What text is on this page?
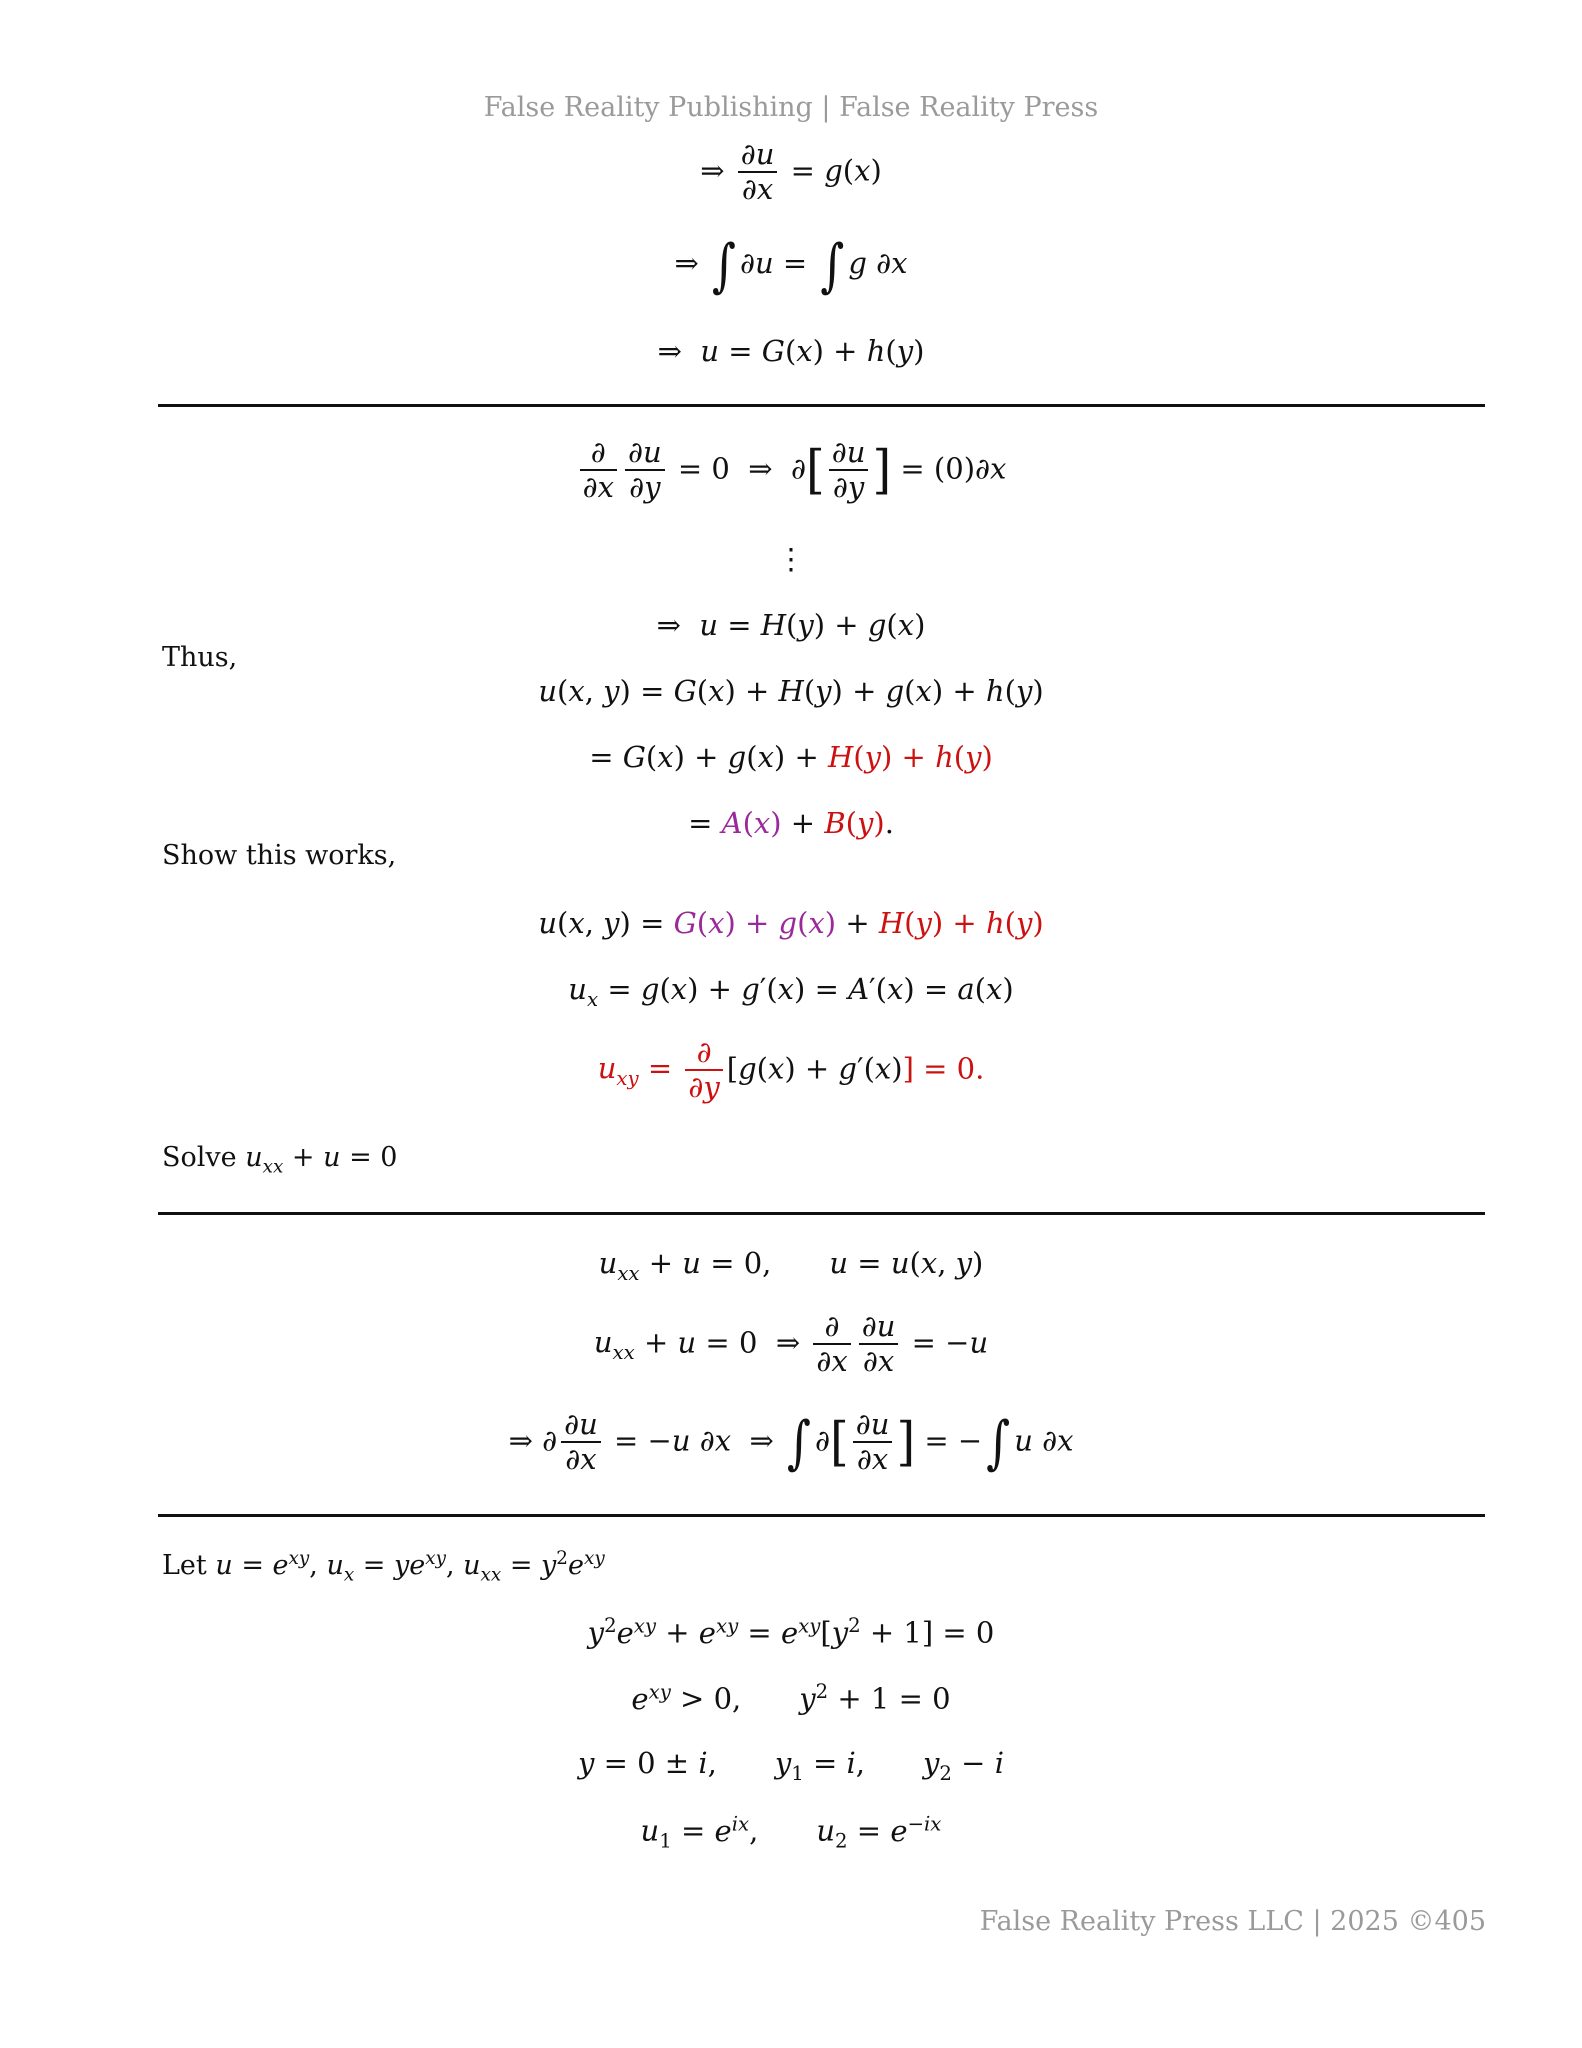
False Reality Publishing | False Reality Press
⇒ $\frac{\partial u}{\partial x} = g(x)$
⇒ ∫ ∂u = ∫ g ∂x
⇒  u = G(x) + h(y)
$\frac{\partial}{\partial x} \frac{\partial u}{\partial y} = 0$  ⇒  ∂[ $\frac{\partial u}{\partial y}$ ] = (0)∂x
⋮
⇒  u = H(y) + g(x)
Thus,
u(x, y) = G(x) + H(y) + g(x) + h(y)
= G(x) + g(x) + H(y) + h(y)
= A(x) + B(y).
Show this works,
u(x, y) = G(x) + g(x) + H(y) + h(y)
$u_x = g(x) + g'(x) = A'(x) = a(x)$
$u_{xy} = \frac{\partial}{\partial y} [g(x) + g'(x)] = 0$.
Solve $u_{xx} + u = 0$
$u_{xx} + u = 0$, u = u(x, y)
$u_{xx} + u = 0$  ⇒ $\frac{\partial}{\partial x} \frac{\partial u}{\partial x} = -u$
⇒ ∂ $\frac{\partial u}{\partial x} = -u$ ∂x  ⇒ ∫ ∂[ $\frac{\partial u}{\partial x}$ ] = −∫ u ∂x
Let $u = e^{xy}$, $u_x = ye^{xy}$, $u_{xx} = y^2e^{xy}$
$y^2e^{xy} + e^{xy} = e^{xy}[y^2 + 1] = 0$
$e^{xy} > 0$, $y^2 + 1 = 0$
y = 0 ± i, $y_1 = i$, $y_2 - i$
$u_1 = e^{ix}$, $u_2 = e^{-ix}$
False Reality Press LLC | 2025 ©405
